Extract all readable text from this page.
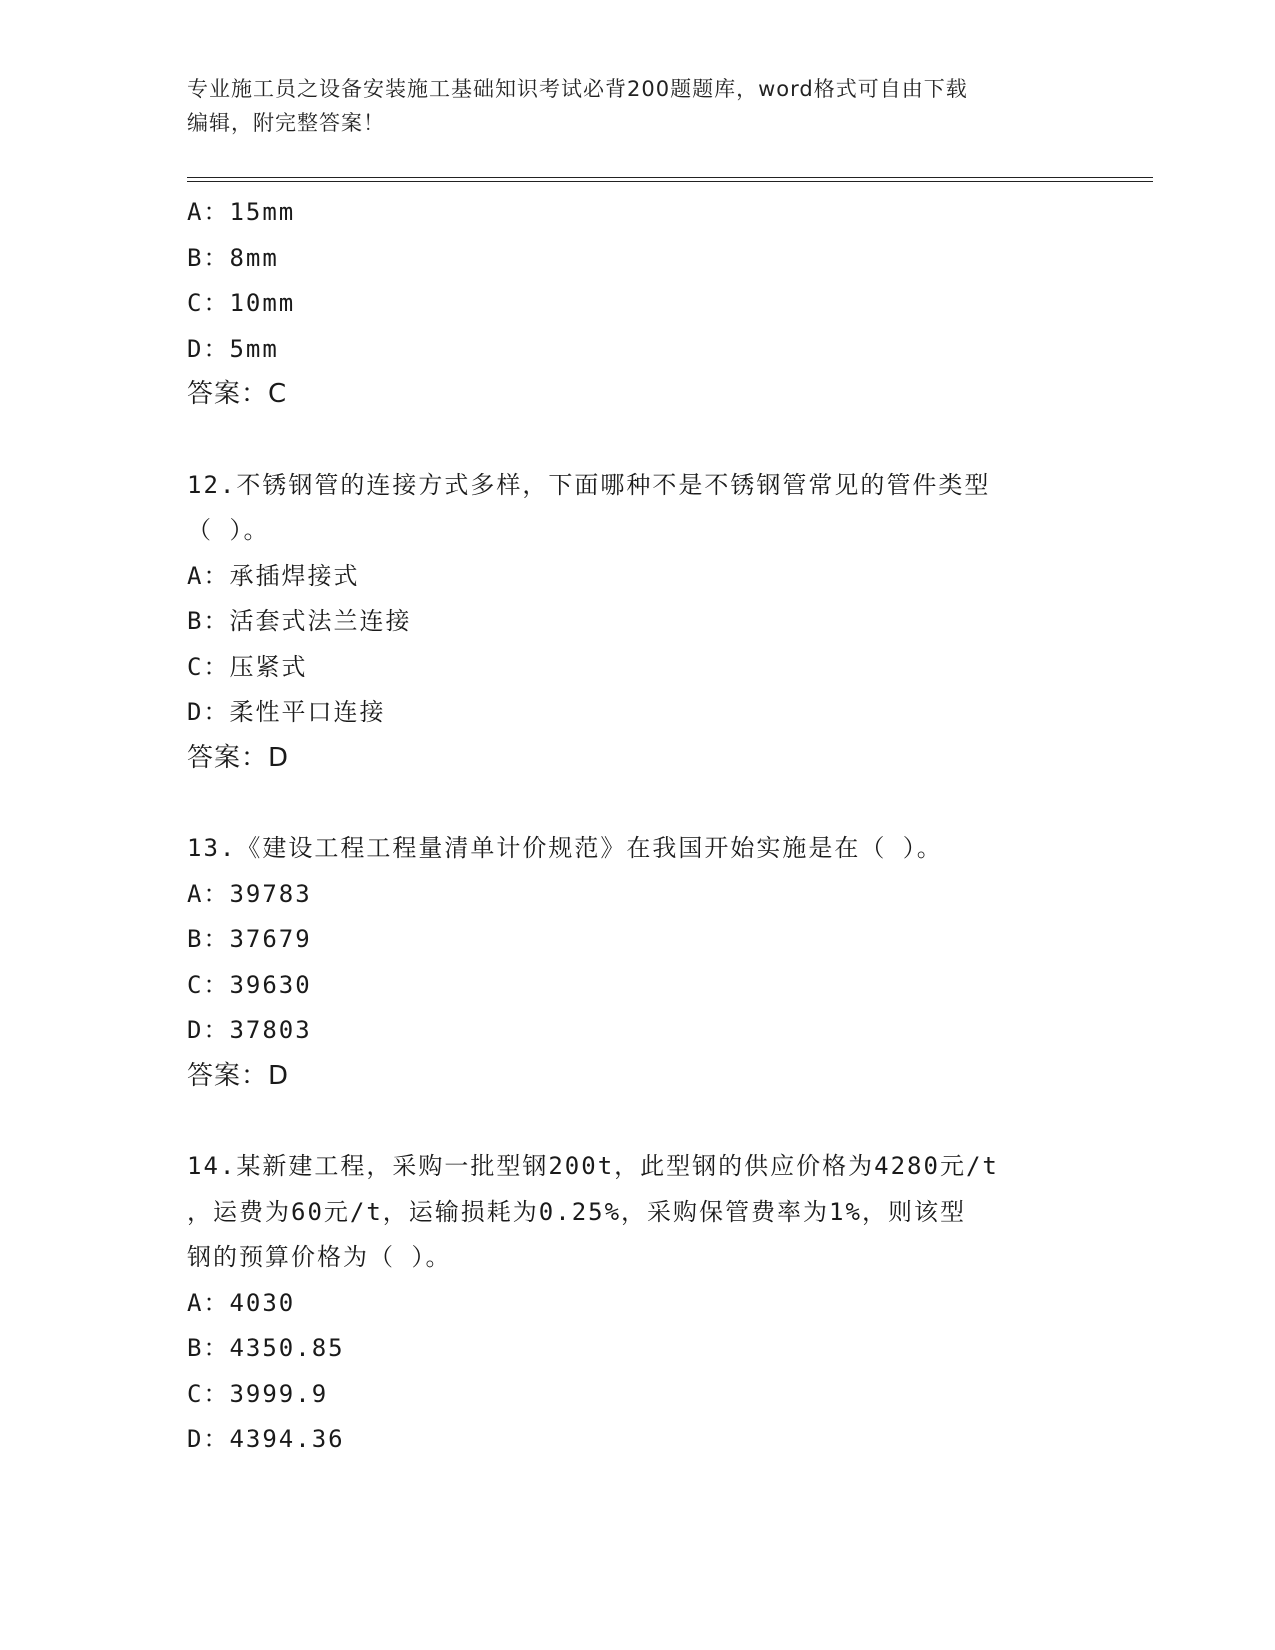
专业施工员之设备安装施工基础知识考试必背200题题库，word格式可自由下载
编辑，附完整答案！
A：15mm
B：8mm
C：10mm
D：5mm
答案：C
12.不锈钢管的连接方式多样，下面哪种不是不锈钢管常见的管件类型
（ ）。
A：承插焊接式
B：活套式法兰连接
C：压紧式
D：柔性平口连接
答案：D
13.《建设工程工程量清单计价规范》在我国开始实施是在（ ）。
A：39783
B：37679
C：39630
D：37803
答案：D
14.某新建工程，采购一批型钢200t，此型钢的供应价格为4280元/t
，运费为60元/t，运输损耗为0.25%，采购保管费率为1%，则该型
钢的预算价格为（ ）。
A：4030
B：4350.85
C：3999.9
D：4394.36
